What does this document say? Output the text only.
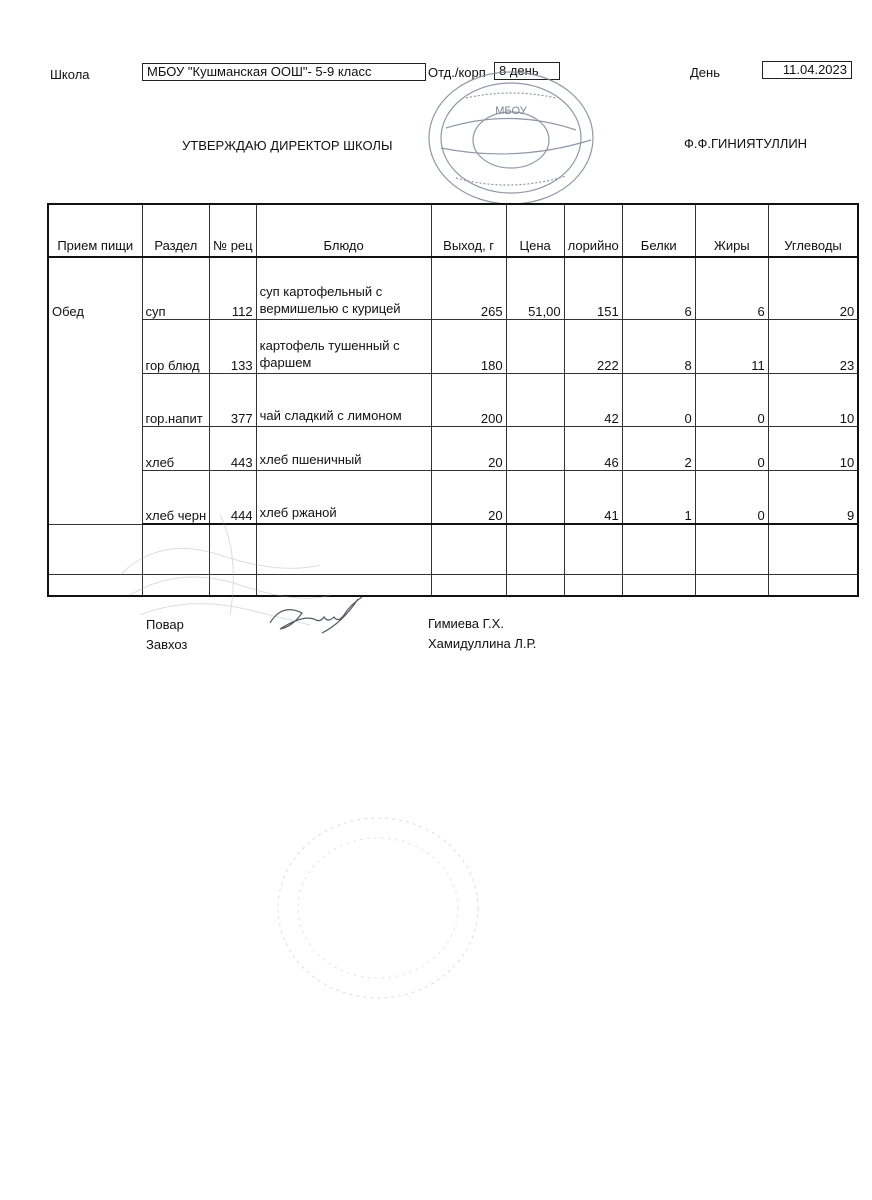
Школа	МБОУ "Кушманская ООШ"- 5-9 класс	Отд./корп	8 день	День	11.04.2023
УТВЕРЖДАЮ ДИРЕКТОР ШКОЛЫ	Ф.Ф.ГИНИЯТУЛЛИН
МБОУ
Прием пищи	Раздел	№ рец	Блюдо	Выход, г	Цена	лорийно	Белки	Жиры	Углеводы
Обед	суп	112	суп картофельный с вермишелью с курицей	265	51,00	151	6	6	20
	гор блюд	133	картофель тушенный с фаршем	180		222	8	11	23
	гор.напит	377	чай сладкий с лимоном	200		42	0	0	10
	хлеб	443	хлеб пшеничный	20		46	2	0	10
	хлеб черн	444	хлеб ржаной	20		41	1	0	9

Повар
Завхоз
Гимиева Г.Х.
Хамидуллина Л.Р.
